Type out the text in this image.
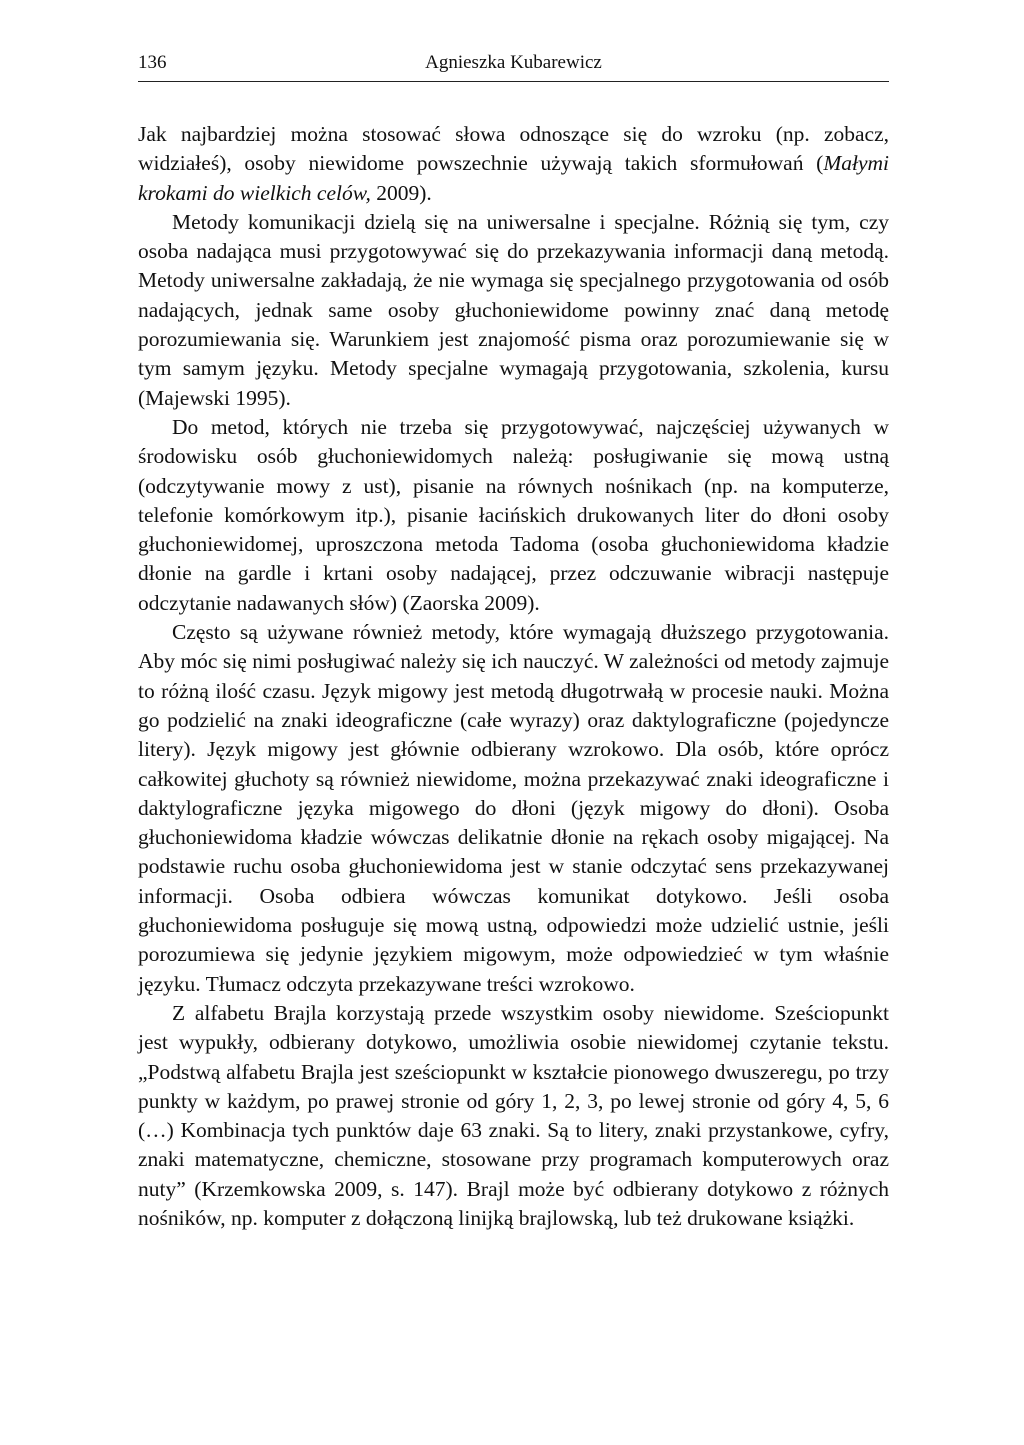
136	Agnieszka Kubarewicz

Jak najbardziej można stosować słowa odnoszące się do wzroku (np. zobacz, widziałeś), osoby niewidome powszechnie używają takich sformułowań (Małymi krokami do wielkich celów, 2009).

Metody komunikacji dzielą się na uniwersalne i specjalne. Różnią się tym, czy osoba nadająca musi przygotowywać się do przekazywania informacji daną metodą. Metody uniwersalne zakładają, że nie wymaga się specjalnego przygotowania od osób nadających, jednak same osoby głuchoniewidome powinny znać daną metodę porozumiewania się. Warunkiem jest znajomość pisma oraz porozumiewanie się w tym samym języku. Metody specjalne wymagają przygotowania, szkolenia, kursu (Majewski 1995).

Do metod, których nie trzeba się przygotowywać, najczęściej używanych w środowisku osób głuchoniewidomych należą: posługiwanie się mową ustną (odczytywanie mowy z ust), pisanie na równych nośnikach (np. na komputerze, telefonie komórkowym itp.), pisanie łacińskich drukowanych liter do dłoni osoby głuchoniewidomej, uproszczona metoda Tadoma (osoba głuchoniewidoma kładzie dłonie na gardle i krtani osoby nadającej, przez odczuwanie wibracji następuje odczytanie nadawanych słów) (Zaorska 2009).

Często są używane również metody, które wymagają dłuższego przygotowania. Aby móc się nimi posługiwać należy się ich nauczyć. W zależności od metody zajmuje to różną ilość czasu. Język migowy jest metodą długotrwałą w procesie nauki. Można go podzielić na znaki ideograficzne (całe wyrazy) oraz daktylograficzne (pojedyncze litery). Język migowy jest głównie odbierany wzrokowo. Dla osób, które oprócz całkowitej głuchoty są również niewidome, można przekazywać znaki ideograficzne i daktylograficzne języka migowego do dłoni (język migowy do dłoni). Osoba głuchoniewidoma kładzie wówczas delikatnie dłonie na rękach osoby migającej. Na podstawie ruchu osoba głuchoniewidoma jest w stanie odczytać sens przekazywanej informacji. Osoba odbiera wówczas komunikat dotykowo. Jeśli osoba głuchoniewidoma posługuje się mową ustną, odpowiedzi może udzielić ustnie, jeśli porozumiewa się jedynie językiem migowym, może odpowiedzieć w tym właśnie języku. Tłumacz odczyta przekazywane treści wzrokowo.

Z alfabetu Brajla korzystają przede wszystkim osoby niewidome. Sześciopunkt jest wypukły, odbierany dotykowo, umożliwia osobie niewidomej czytanie tekstu. „Podstwą alfabetu Brajla jest sześciopunkt w kształcie pionowego dwuszeregu, po trzy punkty w każdym, po prawej stronie od góry 1, 2, 3, po lewej stronie od góry 4, 5, 6 (…) Kombinacja tych punktów daje 63 znaki. Są to litery, znaki przystankowe, cyfry, znaki matematyczne, chemiczne, stosowane przy programach komputerowych oraz nuty” (Krzemkowska 2009, s. 147). Brajl może być odbierany dotykowo z różnych nośników, np. komputer z dołączoną linijką brajlowską, lub też drukowane książki.
